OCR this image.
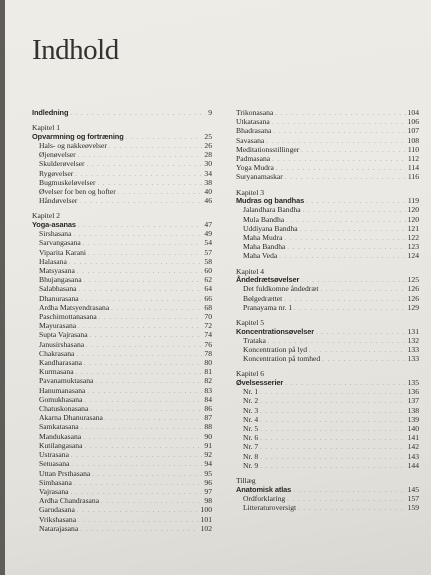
Indhold
Indledning . . .	9
Kapitel 1
Opvarmning og fortræning . . .	25
Hals- og nakkeøvelser . . .	26
Øjenøvelser . . .	28
Skulderøvelser . . .	30
Rygøvelser . . .	34
Bugmuskeløvelser . . .	38
Øvelser for ben og hofter . . .	40
Håndøvelser . . .	46
Kapitel 2
Yoga-asanas . . .	47
Sirshasana . . .	49
Sarvangasana . . .	54
Viparita Karani . . .	57
Halasana . . .	58
Matsyasana . . .	60
Bhujangasana . . .	62
Salabhasana . . .	64
Dhanurasana . . .	66
Ardha Matsyendrasana . . .	68
Paschimottanasana . . .	70
Mayurasana . . .	72
Supta Vajrasana . . .	74
Janusirshasana . . .	76
Chakrasana . . .	78
Kandharasana . . .	80
Kurmasana . . .	81
Pavanamuktasana . . .	82
Hanumanasana . . .	83
Gomukhasana . . .	84
Chatuskonasana . . .	86
Akarna Dhanurasana . . .	87
Samkatasana . . .	88
Mandukasana . . .	90
Kutilangasana . . .	91
Ustrasana . . .	92
Setuasana . . .	94
Uttan Prsthasana . . .	95
Simhasana . . .	96
Vajrasana . . .	97
Ardha Chandrasana . . .	98
Garudasana . . .	100
Vrikshasana . . .	101
Natarajasana . . .	102
Trikonasana . . .	104
Utkatasana . . .	106
Bhadrasana . . .	107
Savasana . . .	108
Meditationsstillinger . . .	110
Padmasana . . .	112
Yoga Mudra . . .	114
Suryanamaskar . . .	116
Kapitel 3
Mudras og bandhas . . .	119
Jalandhara Bandha . . .	120
Mula Bandha . . .	120
Uddiyana Bandha . . .	121
Maha Mudra . . .	122
Maha Bandha . . .	123
Maha Veda . . .	124
Kapitel 4
Åndedrætsøvelser . . .	125
Det fuldkomne åndedræt . . .	126
Bølgedrættet . . .	126
Pranayama nr. 1 . . .	129
Kapitel 5
Koncentrationsøvelser . . .	131
Trataka . . .	132
Koncentration på lyd . . .	133
Koncentration på tomhed . . .	133
Kapitel 6
Øvelsesserier . . .	135
Nr. 1 . . .	136
Nr. 2 . . .	137
Nr. 3 . . .	138
Nr. 4 . . .	139
Nr. 5 . . .	140
Nr. 6 . . .	141
Nr. 7 . . .	142
Nr. 8 . . .	143
Nr. 9 . . .	144
Tillæg
Anatomisk atlas . . .	145
Ordforklaring . . .	157
Litteraturoversigt . . .	159
